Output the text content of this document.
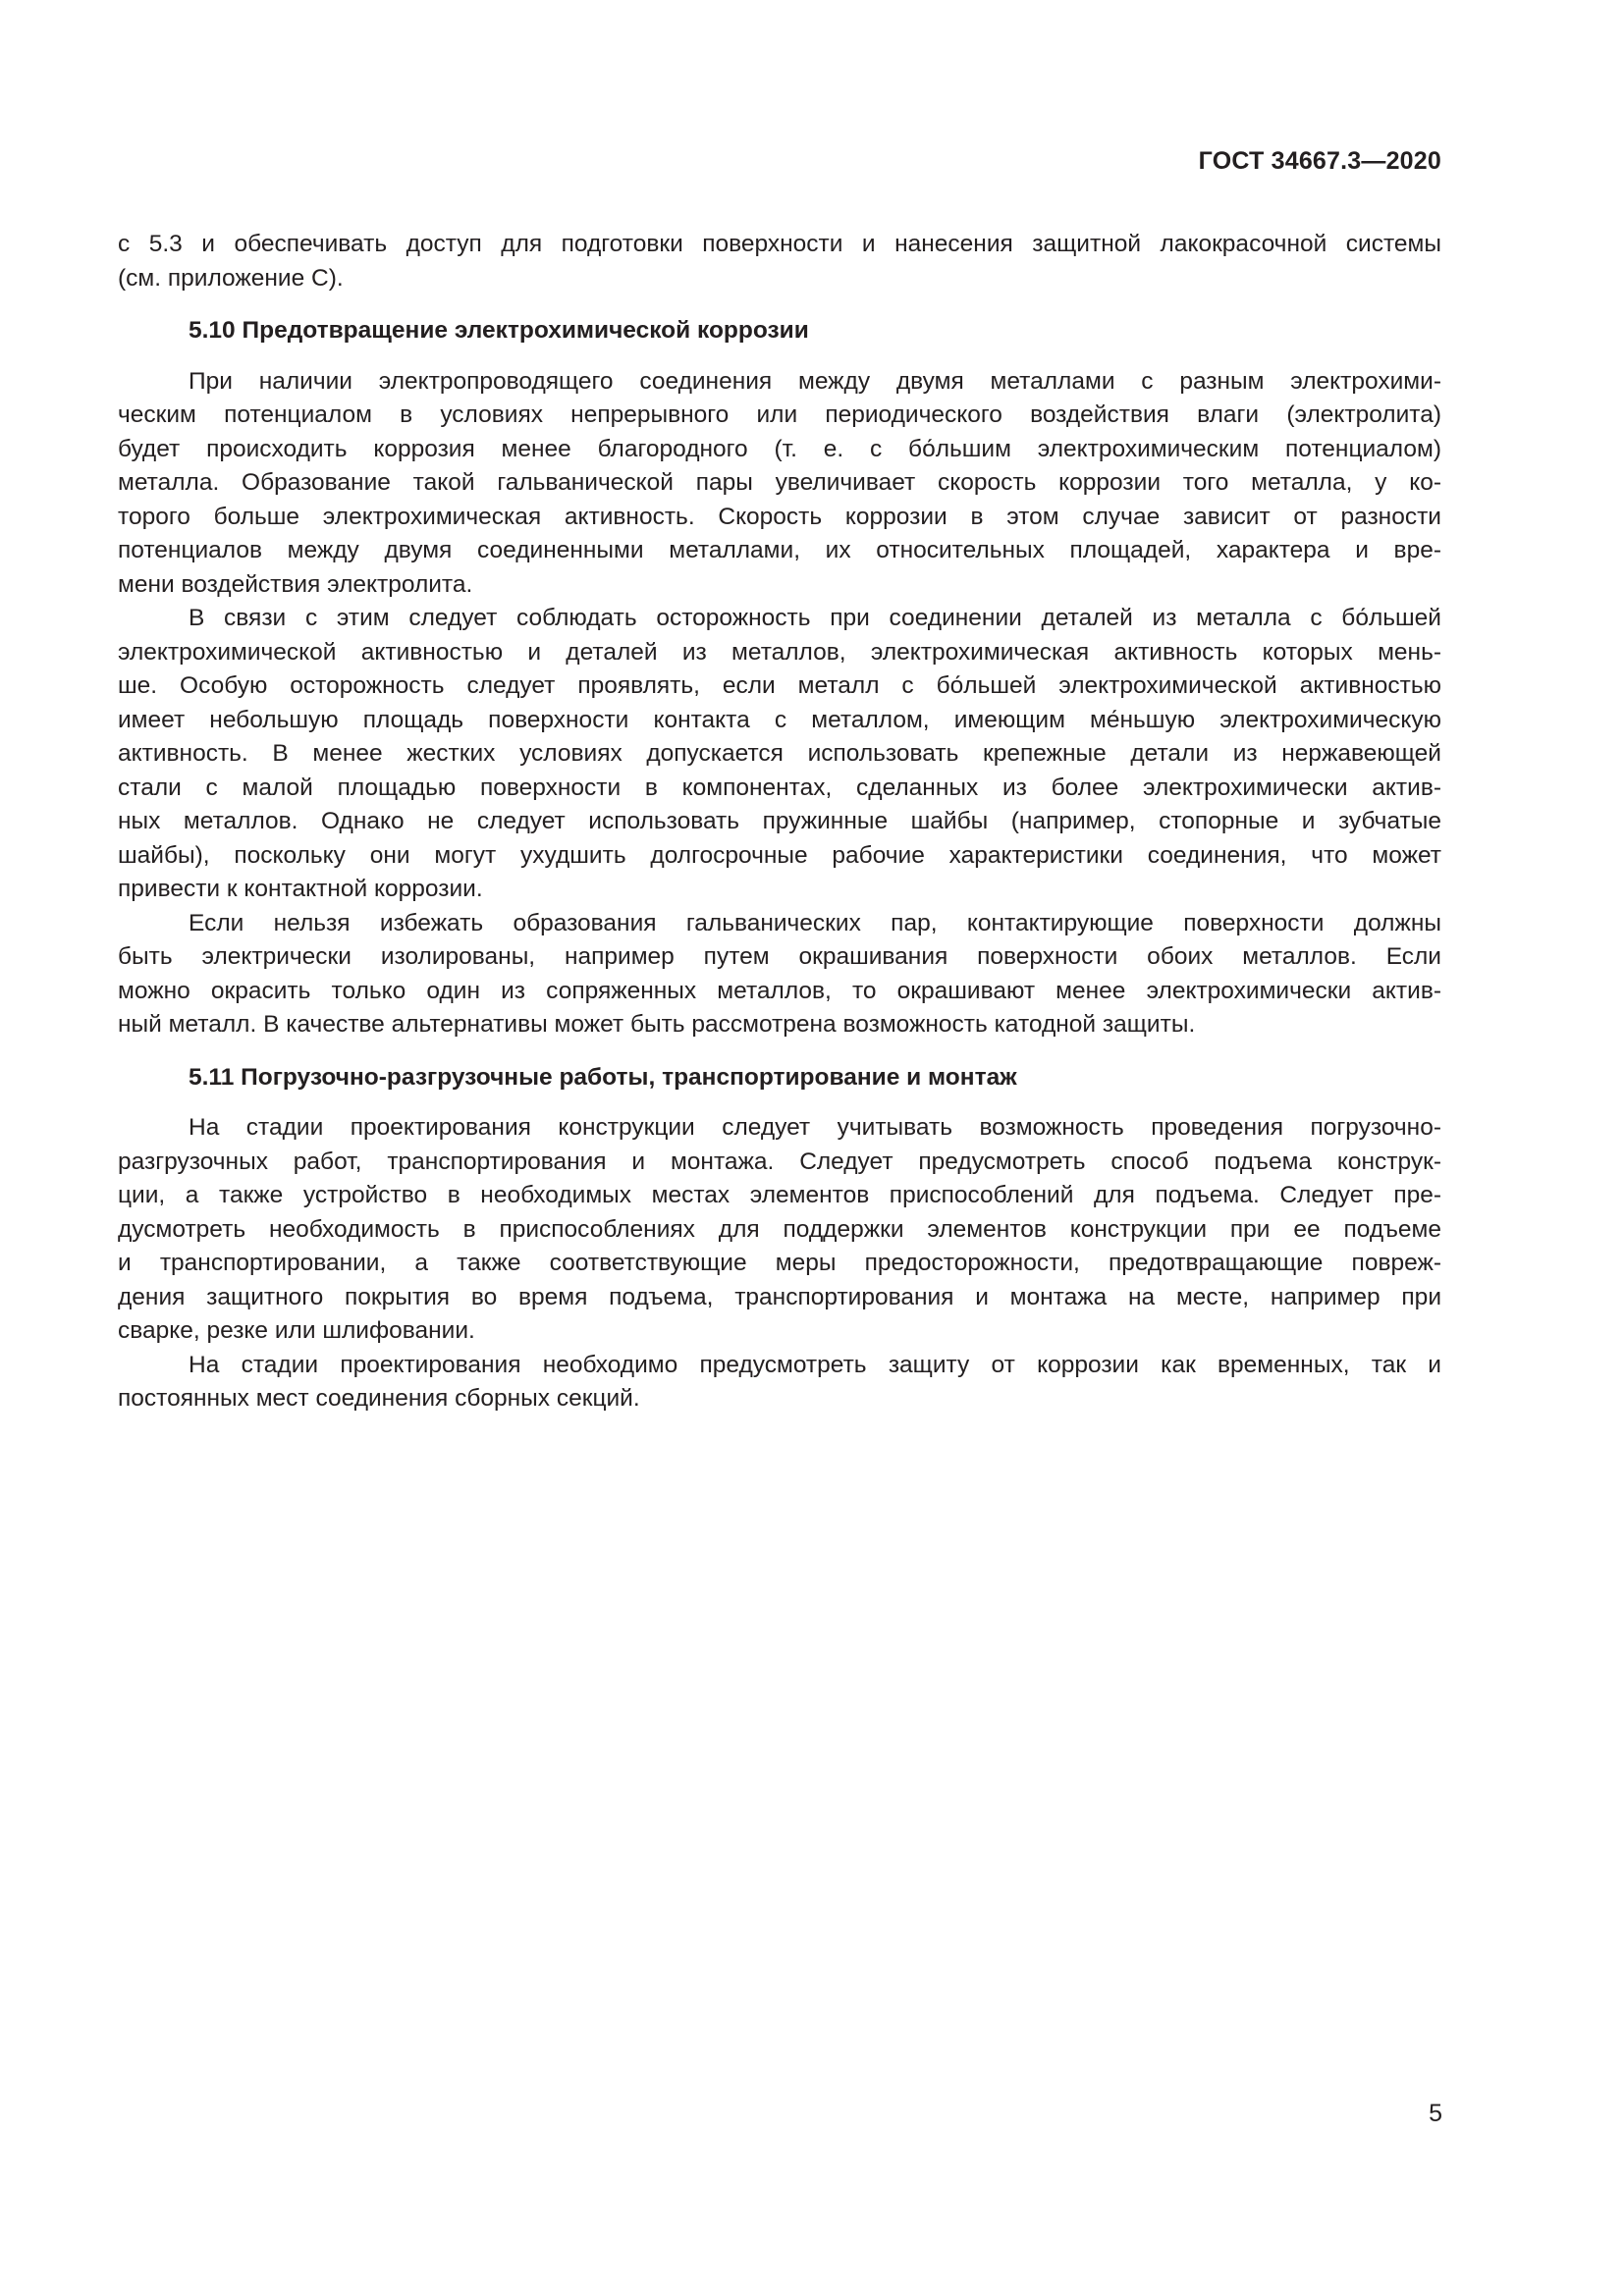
ГОСТ 34667.3—2020

с 5.3 и обеспечивать доступ для подготовки поверхности и нанесения защитной лакокрасочной системы
(см. приложение С).

5.10 Предотвращение электрохимической коррозии

При наличии электропроводящего соединения между двумя металлами с разным электрохими-
ческим потенциалом в условиях непрерывного или периодического воздействия влаги (электролита)
будет происходить коррозия менее благородного (т. е. с бо́льшим электрохимическим потенциалом)
металла. Образование такой гальванической пары увеличивает скорость коррозии того металла, у ко-
торого больше электрохимическая активность. Скорость коррозии в этом случае зависит от разности
потенциалов между двумя соединенными металлами, их относительных площадей, характера и вре-
мени воздействия электролита.

В связи с этим следует соблюдать осторожность при соединении деталей из металла с бо́льшей
электрохимической активностью и деталей из металлов, электрохимическая активность которых мень-
ше. Особую осторожность следует проявлять, если металл с бо́льшей электрохимической активностью
имеет небольшую площадь поверхности контакта с металлом, имеющим ме́ньшую электрохимическую
активность. В менее жестких условиях допускается использовать крепежные детали из нержавеющей
стали с малой площадью поверхности в компонентах, сделанных из более электрохимически актив-
ных металлов. Однако не следует использовать пружинные шайбы (например, стопорные и зубчатые
шайбы), поскольку они могут ухудшить долгосрочные рабочие характеристики соединения, что может
привести к контактной коррозии.

Если нельзя избежать образования гальванических пар, контактирующие поверхности должны
быть электрически изолированы, например путем окрашивания поверхности обоих металлов. Если
можно окрасить только один из сопряженных металлов, то окрашивают менее электрохимически актив-
ный металл. В качестве альтернативы может быть рассмотрена возможность катодной защиты.

5.11 Погрузочно-разгрузочные работы, транспортирование и монтаж

На стадии проектирования конструкции следует учитывать возможность проведения погрузочно-
разгрузочных работ, транспортирования и монтажа. Следует предусмотреть способ подъема конструк-
ции, а также устройство в необходимых местах элементов приспособлений для подъема. Следует пре-
дусмотреть необходимость в приспособлениях для поддержки элементов конструкции при ее подъеме
и транспортировании, а также соответствующие меры предосторожности, предотвращающие повреж-
дения защитного покрытия во время подъема, транспортирования и монтажа на месте, например при
сварке, резке или шлифовании.

На стадии проектирования необходимо предусмотреть защиту от коррозии как временных, так и
постоянных мест соединения сборных секций.

5
